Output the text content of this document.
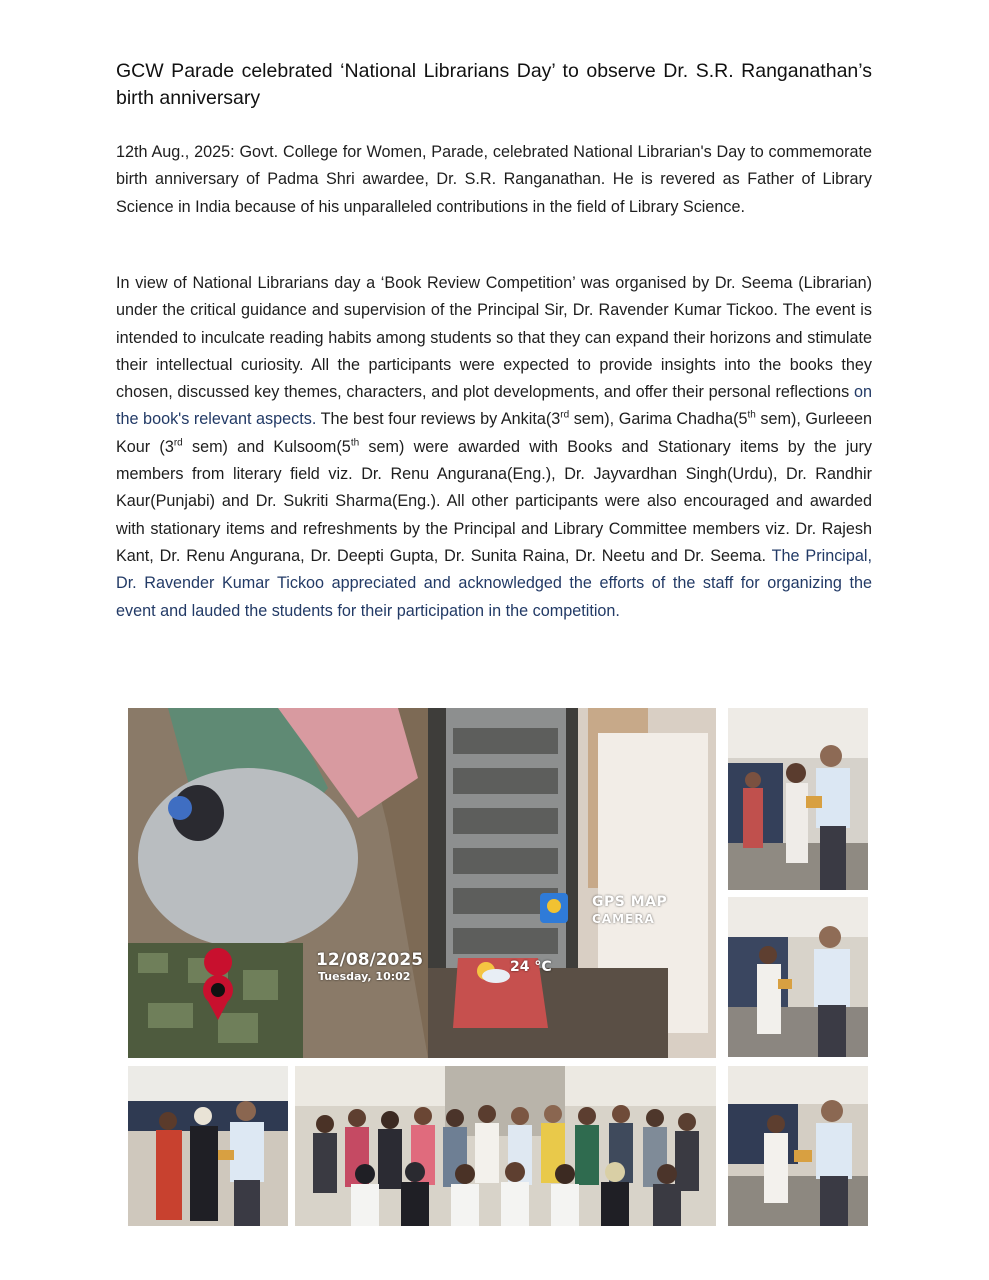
GCW Parade celebrated ‘National Librarians Day’ to observe Dr. S.R. Ranganathan’s birth anniversary
12th Aug., 2025: Govt. College for Women, Parade, celebrated National Librarian's Day to commemorate birth anniversary of Padma Shri awardee, Dr. S.R. Ranganathan. He is revered as Father of Library Science in India because of his unparalleled contributions in the field of Library Science.
In view of National Librarians day a ‘Book Review Competition’ was organised by Dr. Seema (Librarian) under the critical guidance and supervision of the Principal Sir, Dr. Ravender Kumar Tickoo. The event is intended to inculcate reading habits among students so that they can expand their horizons and stimulate their intellectual curiosity. All the participants were expected to provide insights into the books they chosen, discussed key themes, characters, and plot developments, and offer their personal reflections on the book's relevant aspects. The best four reviews by Ankita(3rd sem), Garima Chadha(5th sem), Gurleeen Kour (3rd sem) and Kulsoom(5th sem) were awarded with Books and Stationary items by the jury members from literary field viz. Dr. Renu Angurana(Eng.), Dr. Jayvardhan Singh(Urdu), Dr. Randhir Kaur(Punjabi) and Dr. Sukriti Sharma(Eng.). All other participants were also encouraged and awarded with stationary items and refreshments by the Principal and Library Committee members viz. Dr. Rajesh Kant, Dr. Renu Angurana, Dr. Deepti Gupta, Dr. Sunita Raina, Dr. Neetu and Dr. Seema. The Principal, Dr. Ravender Kumar Tickoo appreciated and acknowledged the efforts of the staff for organizing the event and lauded the students for their participation in the competition.
GPS MAP
CAMERA
12/08/2025
Tuesday, 10:02
24 °C
